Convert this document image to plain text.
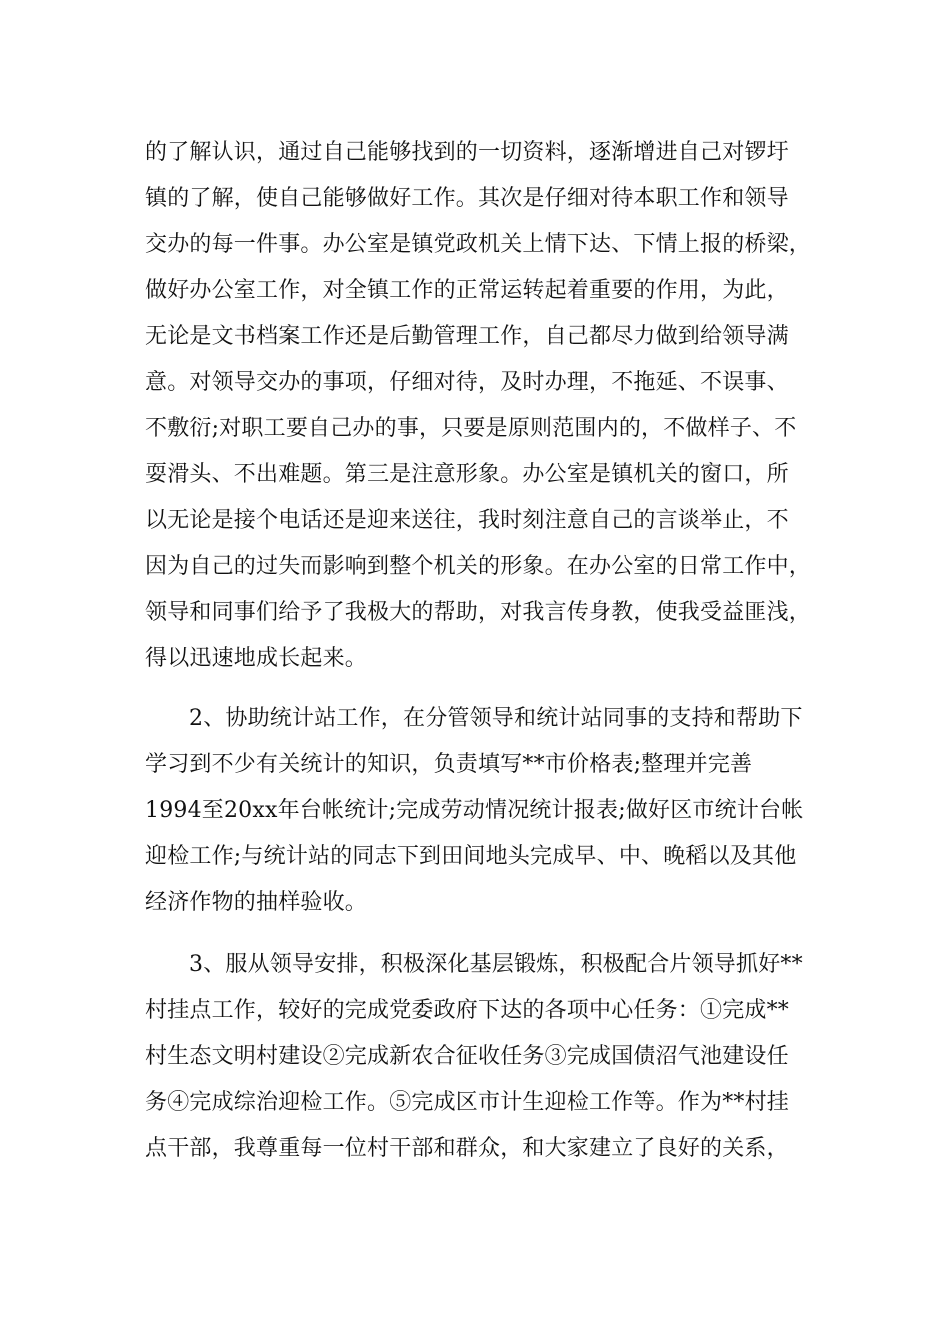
的了解认识，通过自己能够找到的一切资料，逐渐增进自己对锣圩
镇的了解，使自己能够做好工作。其次是仔细对待本职工作和领导
交办的每一件事。办公室是镇党政机关上情下达、下情上报的桥梁，
做好办公室工作，对全镇工作的正常运转起着重要的作用，为此，
无论是文书档案工作还是后勤管理工作，自己都尽力做到给领导满
意。对领导交办的事项，仔细对待，及时办理，不拖延、不误事、
不敷衍;对职工要自己办的事，只要是原则范围内的，不做样子、不
耍滑头、不出难题。第三是注意形象。办公室是镇机关的窗口，所
以无论是接个电话还是迎来送往，我时刻注意自己的言谈举止，不
因为自己的过失而影响到整个机关的形象。在办公室的日常工作中，
领导和同事们给予了我极大的帮助，对我言传身教，使我受益匪浅，
得以迅速地成长起来。
2、协助统计站工作，在分管领导和统计站同事的支持和帮助下
学习到不少有关统计的知识，负责填写**市价格表;整理并完善
1994至20xx年台帐统计;完成劳动情况统计报表;做好区市统计台帐
迎检工作;与统计站的同志下到田间地头完成早、中、晚稻以及其他
经济作物的抽样验收。
3、服从领导安排，积极深化基层锻炼，积极配合片领导抓好**
村挂点工作，较好的完成党委政府下达的各项中心任务：①完成**
村生态文明村建设②完成新农合征收任务③完成国债沼气池建设任
务④完成综治迎检工作。⑤完成区市计生迎检工作等。作为**村挂
点干部，我尊重每一位村干部和群众，和大家建立了良好的关系，
